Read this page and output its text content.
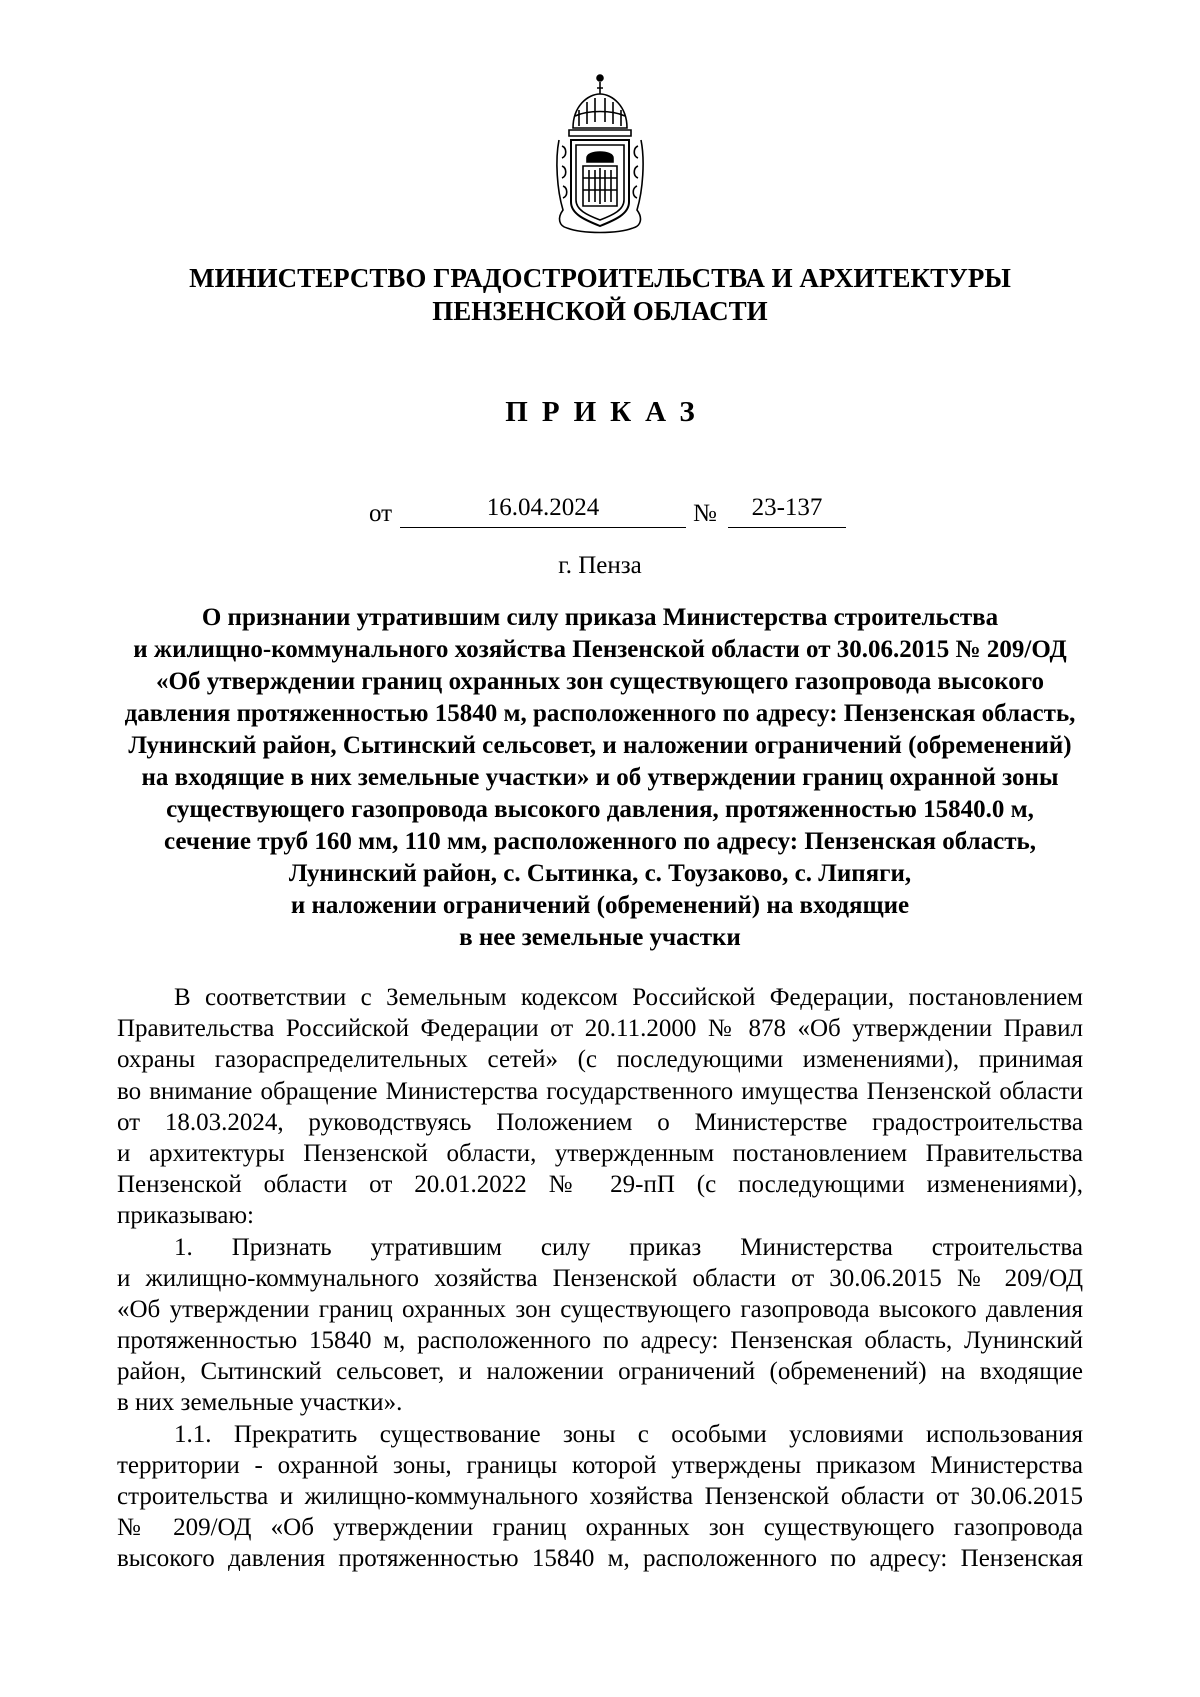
МИНИСТЕРСТВО ГРАДОСТРОИТЕЛЬСТВА И АРХИТЕКТУРЫ
ПЕНЗЕНСКОЙ ОБЛАСТИ
ПРИКАЗ
от	16.04.2024	№	23-137
г. Пенза
О признании утратившим силу приказа Министерства строительства
и жилищно-коммунального хозяйства Пензенской области от 30.06.2015 № 209/ОД
«Об утверждении границ охранных зон существующего газопровода высокого
давления протяженностью 15840 м, расположенного по адресу: Пензенская область,
Лунинский район, Сытинский сельсовет, и наложении ограничений (обременений)
на входящие в них земельные участки» и об утверждении границ охранной зоны
существующего газопровода высокого давления, протяженностью 15840.0 м,
сечение труб 160 мм, 110 мм, расположенного по адресу: Пензенская область,
Лунинский район, с. Сытинка, с. Тоузаково, с. Липяги,
и наложении ограничений (обременений) на входящие
в нее земельные участки
В соответствии с Земельным кодексом Российской Федерации, постановлением
Правительства Российской Федерации от 20.11.2000 № 878 «Об утверждении Правил
охраны газораспределительных сетей» (с последующими изменениями), принимая
во внимание обращение Министерства государственного имущества Пензенской области
от 18.03.2024, руководствуясь Положением о Министерстве градостроительства
и архитектуры Пензенской области, утвержденным постановлением Правительства
Пензенской области от 20.01.2022 № 29-пП (с последующими изменениями),
приказываю:
1. Признать утратившим силу приказ Министерства строительства
и жилищно-коммунального хозяйства Пензенской области от 30.06.2015 № 209/ОД
«Об утверждении границ охранных зон существующего газопровода высокого давления
протяженностью 15840 м, расположенного по адресу: Пензенская область, Лунинский
район, Сытинский сельсовет, и наложении ограничений (обременений) на входящие
в них земельные участки».
1.1. Прекратить существование зоны с особыми условиями использования
территории - охранной зоны, границы которой утверждены приказом Министерства
строительства и жилищно-коммунального хозяйства Пензенской области от 30.06.2015
№ 209/ОД «Об утверждении границ охранных зон существующего газопровода
высокого давления протяженностью 15840 м, расположенного по адресу: Пензенская
